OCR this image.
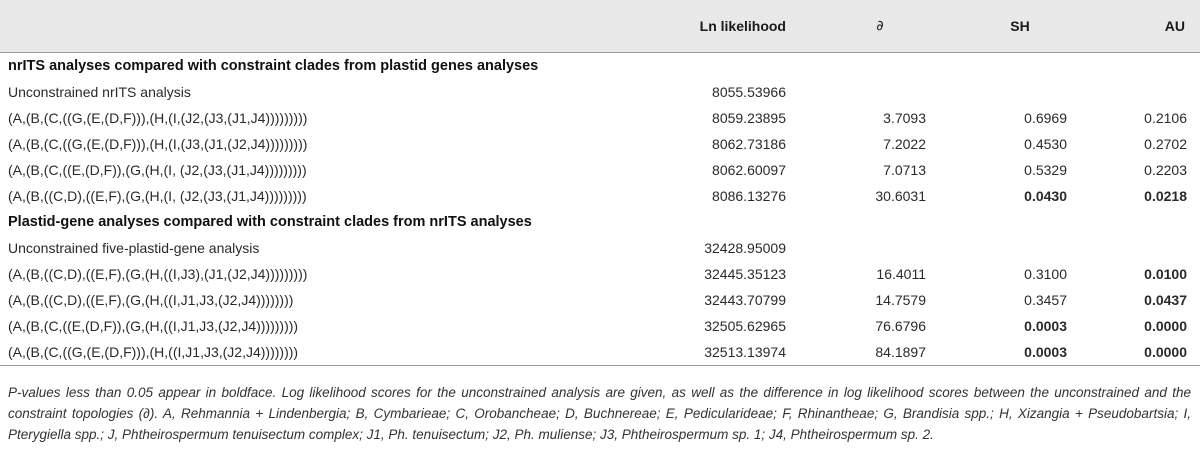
	Ln likelihood	∂	SH	AU
nrITS analyses compared with constraint clades from plastid genes analyses				
Unconstrained nrITS analysis	8055.53966			
(A,(B,(C,((G,(E,(D,F))),(H,(I,(J2,(J3,(J1,J4)))))))))	8059.23895	3.7093	0.6969	0.2106
(A,(B,(C,((G,(E,(D,F))),(H,(I,(J3,(J1,(J2,J4)))))))))	8062.73186	7.2022	0.4530	0.2702
(A,(B,(C,((E,(D,F)),(G,(H,(I, (J2,(J3,(J1,J4)))))))))	8062.60097	7.0713	0.5329	0.2203
(A,(B,((C,D),((E,F),(G,(H,(I, (J2,(J3,(J1,J4)))))))))	8086.13276	30.6031	0.0430	0.0218
Plastid-gene analyses compared with constraint clades from nrITS analyses				
Unconstrained five-plastid-gene analysis	32428.95009			
(A,(B,((C,D),((E,F),(G,(H,((I,J3),(J1,(J2,J4)))))))))	32445.35123	16.4011	0.3100	0.0100
(A,(B,((C,D),((E,F),(G,(H,((I,J1,J3,(J2,J4))))))))	32443.70799	14.7579	0.3457	0.0437
(A,(B,(C,((E,(D,F)),(G,(H,((I,J1,J3,(J2,J4)))))))))	32505.62965	76.6796	0.0003	0.0000
(A,(B,(C,((G,(E,(D,F))),(H,((I,J1,J3,(J2,J4))))))))	32513.13974	84.1897	0.0003	0.0000

P-values less than 0.05 appear in boldface. Log likelihood scores for the unconstrained analysis are given, as well as the difference in log likelihood scores between the unconstrained and the constraint topologies (∂). A, Rehmannia + Lindenbergia; B, Cymbarieae; C, Orobancheae; D, Buchnereae; E, Pedicularideae; F, Rhinantheae; G, Brandisia spp.; H, Xizangia + Pseudobartsia; I, Pterygiella spp.; J, Phtheirospermum tenuisectum complex; J1, Ph. tenuisectum; J2, Ph. muliense; J3, Phtheirospermum sp. 1; J4, Phtheirospermum sp. 2.
